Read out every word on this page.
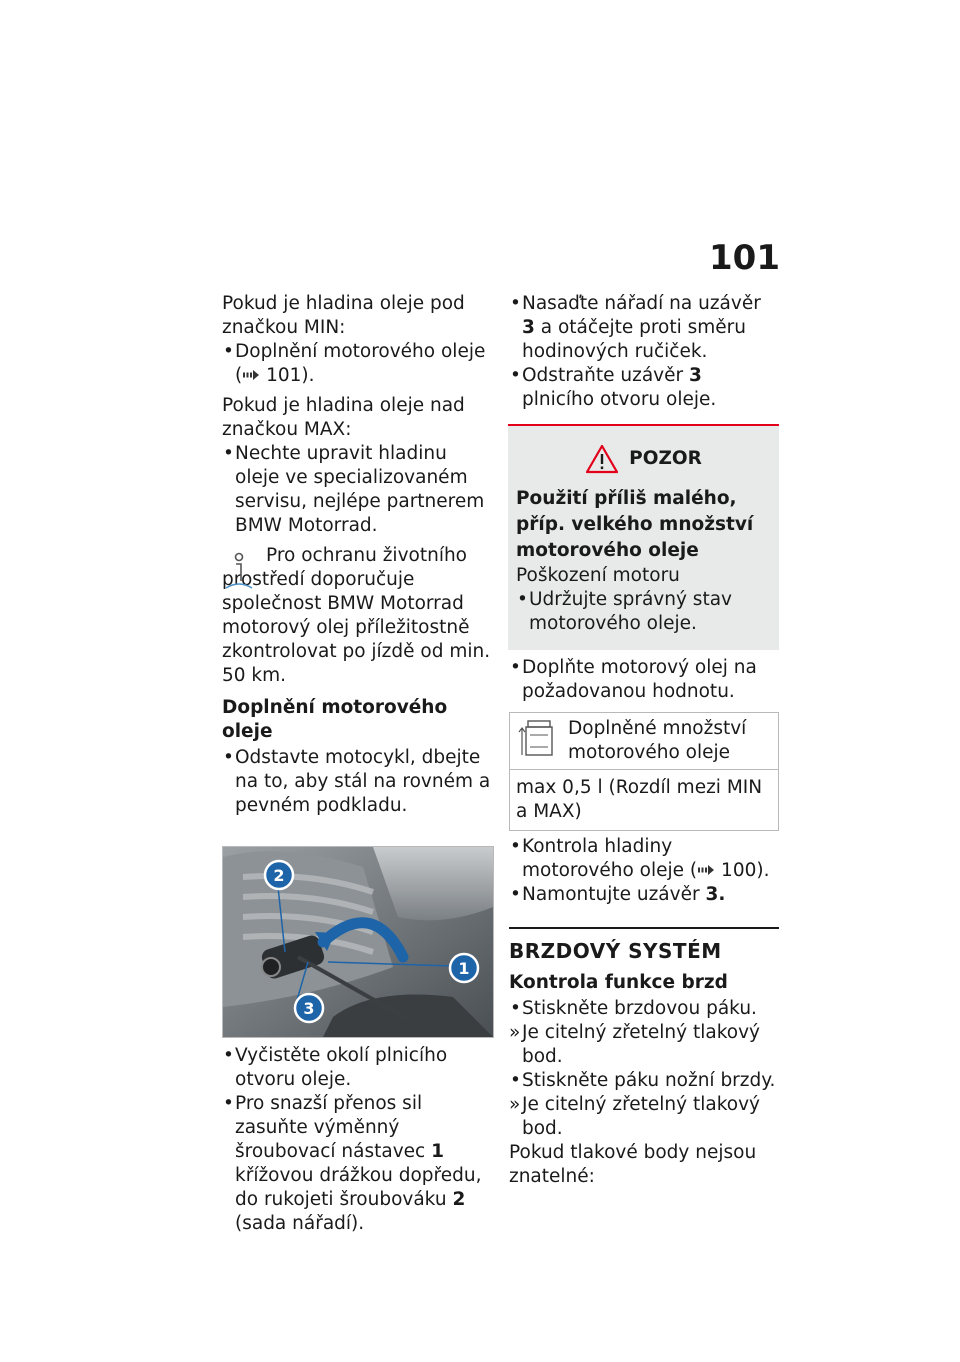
101

Pokud je hladina oleje pod značkou MIN:

• Doplnění motorového oleje
( 101).

Pokud je hladina oleje nad značkou MAX:

• Nechte upravit hladinu oleje ve specializovaném servisu, nejlépe partnerem BMW Motorrad.

Pro ochranu životního prostředí doporučuje společnost BMW Motorrad motorový olej příležitostně zkontrolovat po jízdě od min. 50 km.

Doplnění motorového oleje

• Odstavte motocykl, dbejte na to, aby stál na rovném a pevném podkladu.
1
2
3
• Vyčistěte okolí plnicího otvoru oleje.
• Pro snazší přenos sil zasuňte výměnný šroubovací nástavec 1 křížovou drážkou dopředu, do rukojeti šroubováku 2 (sada nářadí).
• Nasaďte nářadí na uzávěr 3 a otáčejte proti směru hodinových ručiček.
• Odstraňte uzávěr 3 plnicího otvoru oleje.
POZOR

Použití příliš malého, příp. velkého množství motorového oleje

Poškození motoru

• Udržujte správný stav motorového oleje.
• Doplňte motorový olej na požadovanou hodnotu.
Doplněné množství motorového oleje
max 0,5 l (Rozdíl mezi MIN a MAX)
• Kontrola hladiny motorového oleje ( 100).
• Namontujte uzávěr 3.
BRZDOVÝ SYSTÉM

Kontrola funkce brzd

• Stiskněte brzdovou páku.
» Je citelný zřetelný tlakový bod.
• Stiskněte páku nožní brzdy.
» Je citelný zřetelný tlakový bod.

Pokud tlakové body nejsou znatelné:
